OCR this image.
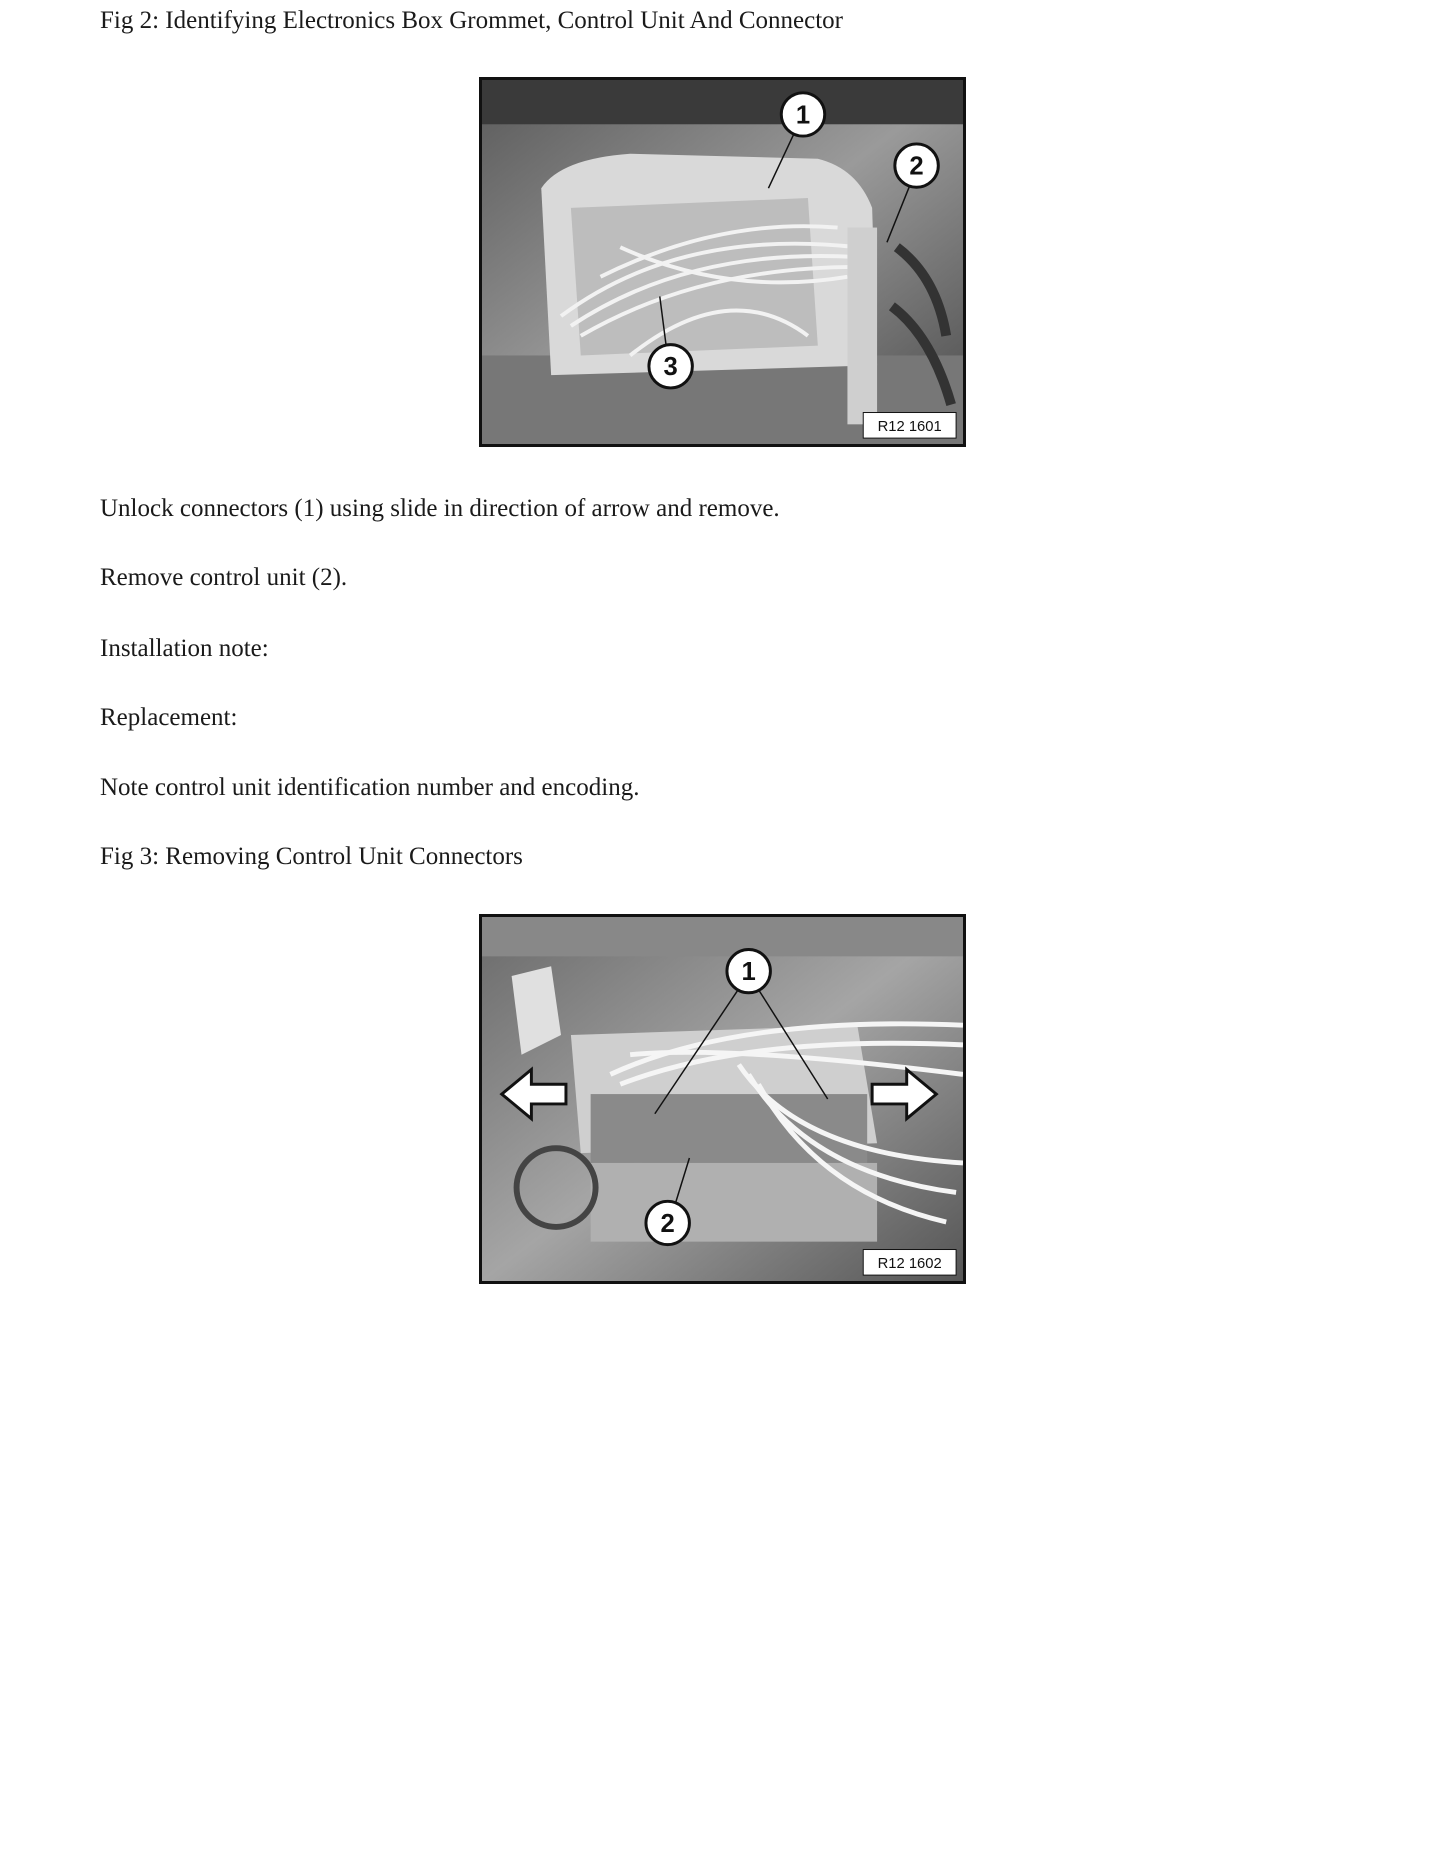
Fig 2: Identifying Electronics Box Grommet, Control Unit And Connector
1
2
3
R12 1601
Unlock connectors (1) using slide in direction of arrow and remove.
Remove control unit (2).
Installation note:
Replacement:
Note control unit identification number and encoding.
Fig 3: Removing Control Unit Connectors
1
2
R12 1602
